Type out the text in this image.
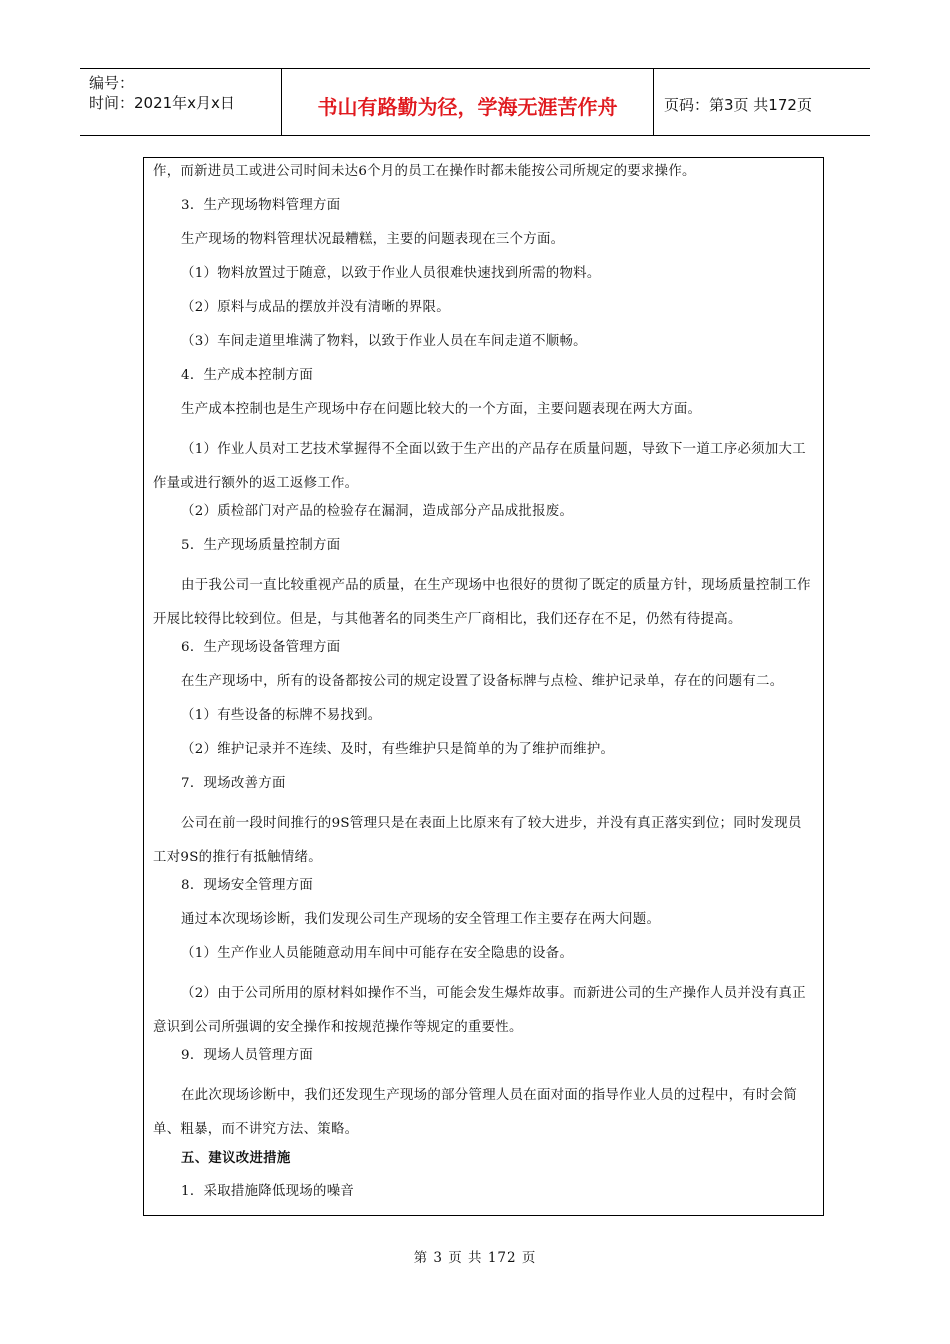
编号：
时间：2021年x月x日	书山有路勤为径，学海无涯苦作舟	页码：第3页 共172页

作，而新进员工或进公司时间未达6个月的员工在操作时都未能按公司所规定的要求操作。

3．生产现场物料管理方面

生产现场的物料管理状况最糟糕，主要的问题表现在三个方面。

（1）物料放置过于随意，以致于作业人员很难快速找到所需的物料。

（2）原料与成品的摆放并没有清晰的界限。

（3）车间走道里堆满了物料，以致于作业人员在车间走道不顺畅。

4．生产成本控制方面

生产成本控制也是生产现场中存在问题比较大的一个方面，主要问题表现在两大方面。

（1）作业人员对工艺技术掌握得不全面以致于生产出的产品存在质量问题，导致下一道工序必须加大工作量或进行额外的返工返修工作。

（2）质检部门对产品的检验存在漏洞，造成部分产品成批报废。

5．生产现场质量控制方面

由于我公司一直比较重视产品的质量，在生产现场中也很好的贯彻了既定的质量方针，现场质量控制工作开展比较得比较到位。但是，与其他著名的同类生产厂商相比，我们还存在不足，仍然有待提高。

6．生产现场设备管理方面

在生产现场中，所有的设备都按公司的规定设置了设备标牌与点检、维护记录单，存在的问题有二。

（1）有些设备的标牌不易找到。

（2）维护记录并不连续、及时，有些维护只是简单的为了维护而维护。

7．现场改善方面

公司在前一段时间推行的9S管理只是在表面上比原来有了较大进步，并没有真正落实到位；同时发现员工对9S的推行有抵触情绪。

8．现场安全管理方面

通过本次现场诊断，我们发现公司生产现场的安全管理工作主要存在两大问题。

（1）生产作业人员能随意动用车间中可能存在安全隐患的设备。

（2）由于公司所用的原材料如操作不当，可能会发生爆炸故事。而新进公司的生产操作人员并没有真正意识到公司所强调的安全操作和按规范操作等规定的重要性。

9．现场人员管理方面

在此次现场诊断中，我们还发现生产现场的部分管理人员在面对面的指导作业人员的过程中，有时会简单、粗暴，而不讲究方法、策略。

五、建议改进措施

1．采取措施降低现场的噪音

第 3 页 共 172 页
